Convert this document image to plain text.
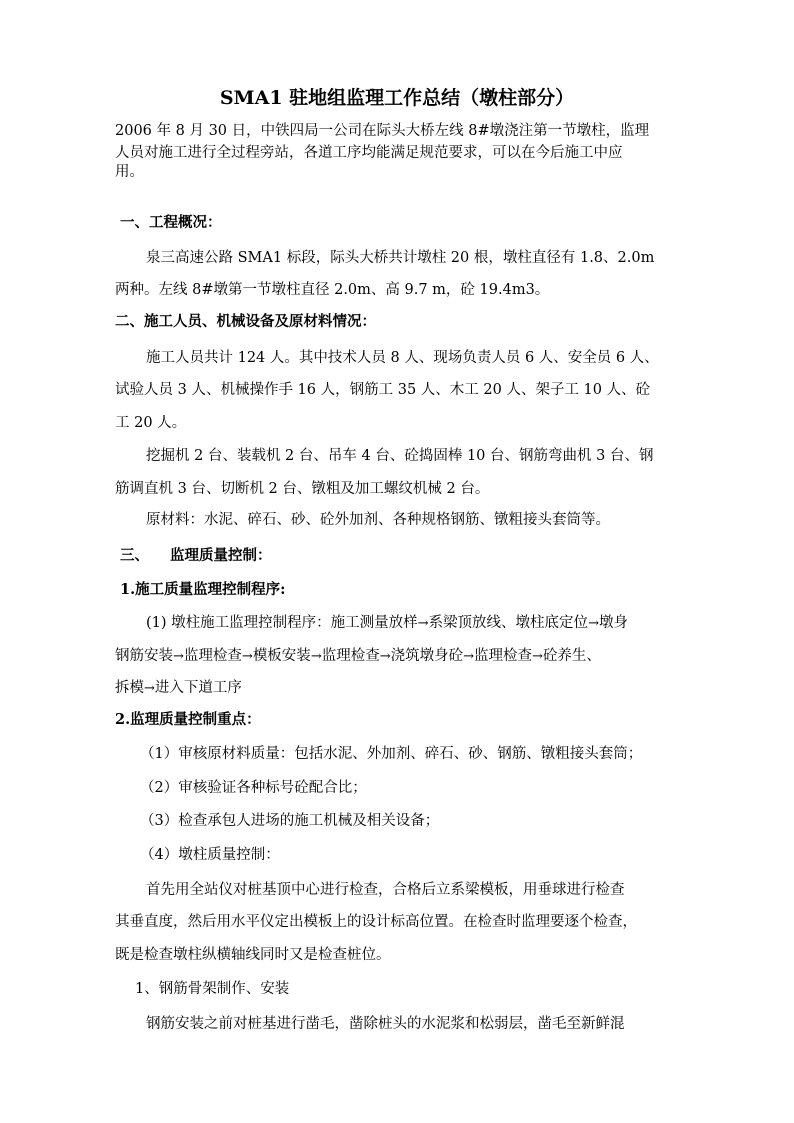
SMA1 驻地组监理工作总结（墩柱部分）
2006 年 8 月 30 日，中铁四局一公司在际头大桥左线 8#墩浇注第一节墩柱，监理
人员对施工进行全过程旁站，各道工序均能满足规范要求，可以在今后施工中应
用。
一、工程概况：
泉三高速公路 SMA1 标段，际头大桥共计墩柱 20 根，墩柱直径有 1.8、2.0m
两种。左线 8#墩第一节墩柱直径 2.0m、高 9.7 m，砼 19.4m3。
二、施工人员、机械设备及原材料情况：
施工人员共计 124 人。其中技术人员 8 人、现场负责人员 6 人、安全员 6 人、
试验人员 3 人、机械操作手 16 人，钢筋工 35 人、木工 20 人、架子工 10 人、砼
工 20 人。
挖掘机 2 台、装载机 2 台、吊车 4 台、砼捣固棒 10 台、钢筋弯曲机 3 台、钢
筋调直机 3 台、切断机 2 台、镦粗及加工螺纹机械 2 台。
原材料：水泥、碎石、砂、砼外加剂、各种规格钢筋、镦粗接头套筒等。
三、 监理质量控制：
1.施工质量监理控制程序:
(1) 墩柱施工监理控制程序：施工测量放样→系梁顶放线、墩柱底定位→墩身
钢筋安装→监理检查→模板安装→监理检查→浇筑墩身砼→监理检查→砼养生、
拆模→进入下道工序
2.监理质量控制重点：
（1）审核原材料质量：包括水泥、外加剂、碎石、砂、钢筋、镦粗接头套筒；
（2）审核验证各种标号砼配合比；
（3）检查承包人进场的施工机械及相关设备；
（4）墩柱质量控制：
首先用全站仪对桩基顶中心进行检查，合格后立系梁模板，用垂球进行检查
其垂直度，然后用水平仪定出模板上的设计标高位置。在检查时监理要逐个检查，
既是检查墩柱纵横轴线同时又是检查桩位。
1、钢筋骨架制作、安装
钢筋安装之前对桩基进行凿毛，凿除桩头的水泥浆和松弱层，凿毛至新鲜混
